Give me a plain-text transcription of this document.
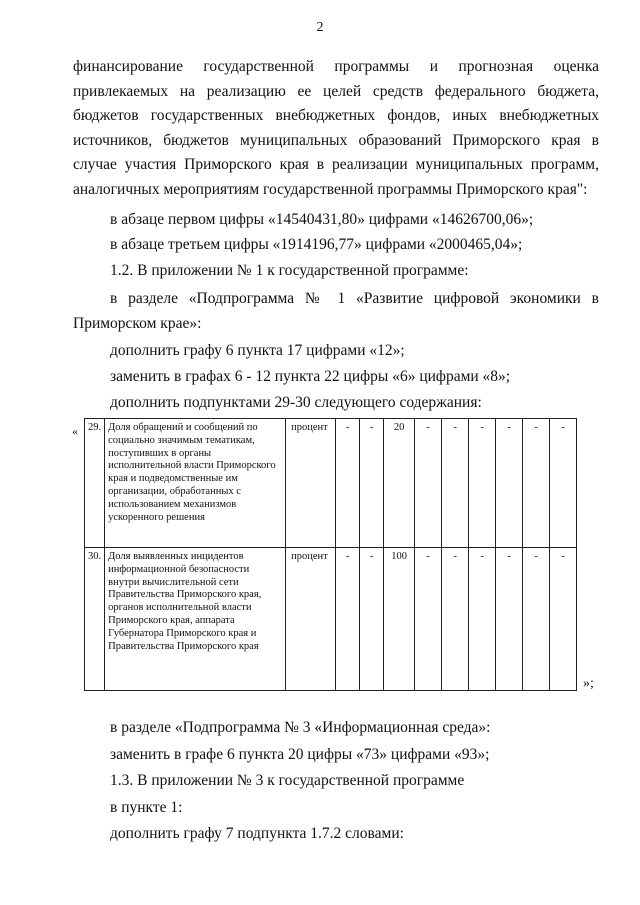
2
финансирование государственной программы и прогнозная оценка
привлекаемых на реализацию ее целей средств федерального бюджета,
бюджетов государственных внебюджетных фондов, иных внебюджетных
источников, бюджетов муниципальных образований Приморского края в
случае участия Приморского края в реализации муниципальных программ,
аналогичных мероприятиям государственной программы Приморского края":
в абзаце первом цифры «14540431,80» цифрами «14626700,06»;
в абзаце третьем цифры «1914196,77» цифрами «2000465,04»;
1.2. В приложении № 1 к государственной программе:
в разделе «Подпрограмма № 1 «Развитие цифровой экономики в
Приморском крае»:
дополнить графу 6 пункта 17 цифрами «12»;
заменить в графах 6 - 12 пункта 22 цифры «6» цифрами «8»;
дополнить подпунктами 29-30 следующего содержания:
« 29.	Доля обращений и сообщений по социально значимым тематикам, поступивших в органы исполнительной власти Приморского края и подведомственные им организации, обработанных с использованием механизмов ускоренного решения	процент	-	-	20	-	-	-	-	-	-
30.	Доля выявленных инцидентов информационной безопасности внутри вычислительной сети Правительства Приморского края, органов исполнительной власти Приморского края, аппарата Губернатора Приморского края и Правительства Приморского края	процент	-	-	100	-	-	-	-	-	-
»;
в разделе «Подпрограмма № 3 «Информационная среда»:
заменить в графе 6 пункта 20 цифры «73» цифрами «93»;
1.3. В приложении № 3 к государственной программе
в пункте 1:
дополнить графу 7 подпункта 1.7.2 словами:
